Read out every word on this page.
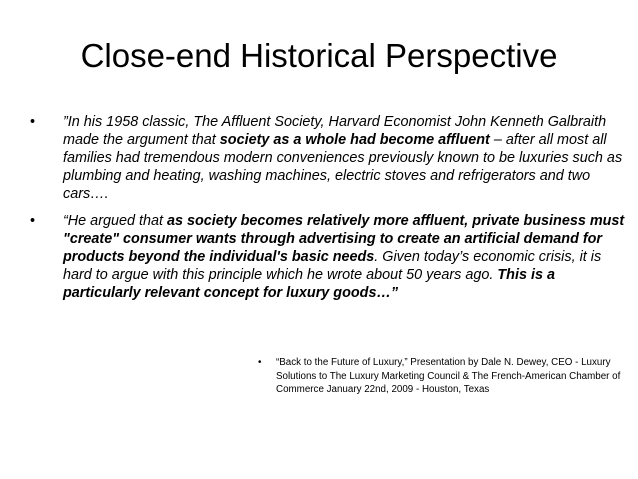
Close-end Historical Perspective
• ”In his 1958 classic, The Affluent Society, Harvard Economist John Kenneth Galbraith made the argument that society as a whole had become affluent – after all most all families had tremendous modern conveniences previously known to be luxuries such as plumbing and heating, washing machines, electric stoves and refrigerators and two cars….
• “He argued that as society becomes relatively more affluent, private business must "create" consumer wants through advertising to create an artificial demand for products beyond the individual's basic needs. Given today’s economic crisis, it is hard to argue with this principle which he wrote about 50 years ago. This is a particularly relevant concept for luxury goods…”
• “Back to the Future of Luxury,” Presentation by Dale N. Dewey, CEO - Luxury Solutions to The Luxury Marketing Council & The French-American Chamber of Commerce January 22nd, 2009 - Houston, Texas
